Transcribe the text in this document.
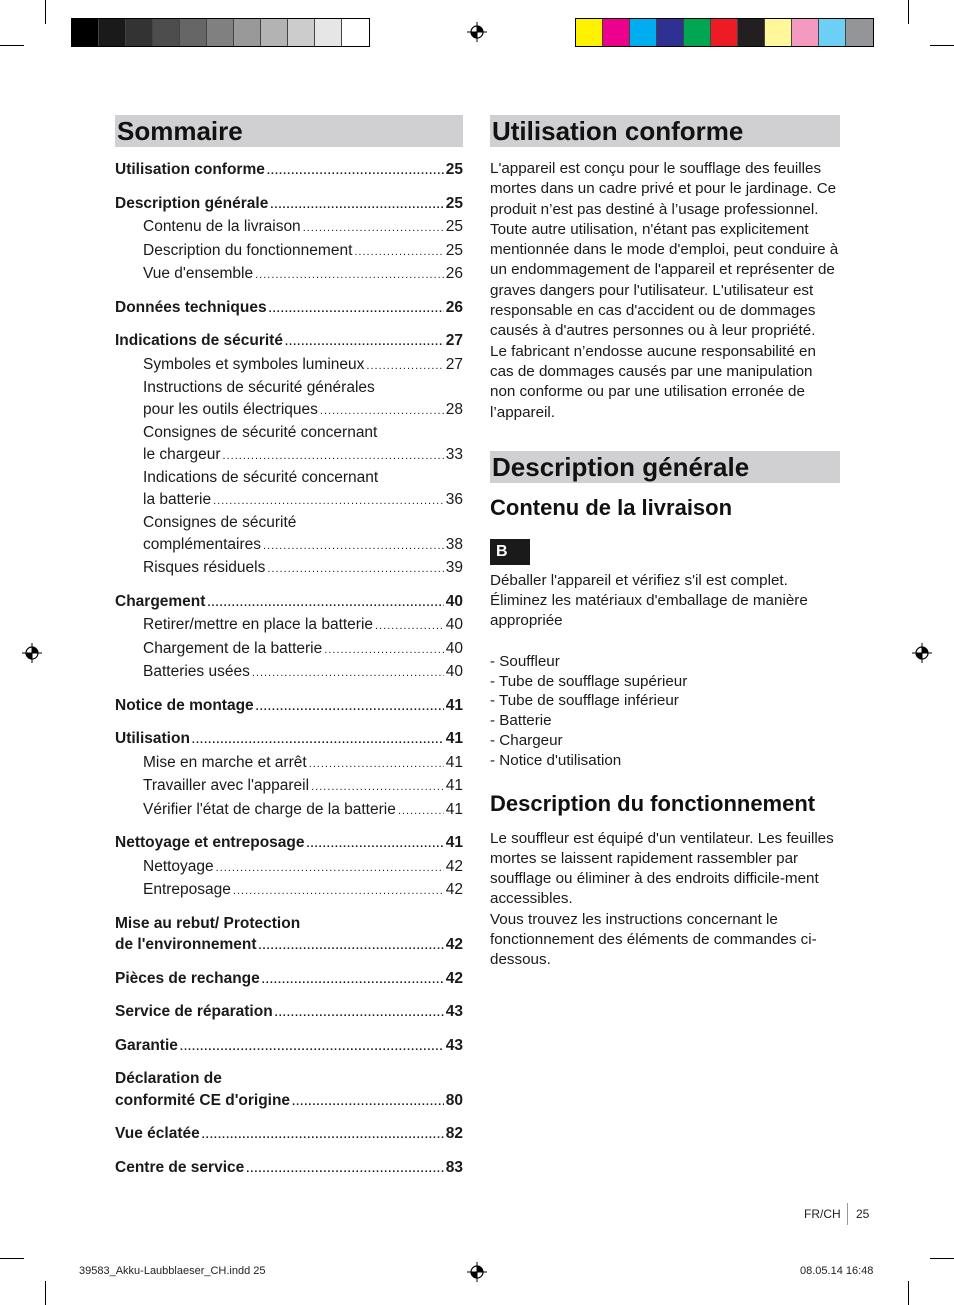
Sommaire
Utilisation conforme .....	25
Description générale .....	25
Contenu de la livraison .....	25
Description du fonctionnement .....	25
Vue d'ensemble .....	26
Données techniques .....	26
Indications de sécurité .....	27
Symboles et symboles lumineux .....	27
Instructions de sécurité générales
pour les outils électriques .....	28
Consignes de sécurité concernant
le chargeur .....	33
Indications de sécurité concernant
la batterie .....	36
Consignes de sécurité
complémentaires .....	38
Risques résiduels .....	39
Chargement .....	40
Retirer/mettre en place la batterie .....	40
Chargement de la batterie .....	40
Batteries usées .....	40
Notice de montage .....	41
Utilisation .....	41
Mise en marche et arrêt .....	41
Travailler avec l'appareil .....	41
Vérifier l'état de charge de la batterie .....	41
Nettoyage et entreposage .....	41
Nettoyage .....	42
Entreposage .....	42
Mise au rebut/ Protection
de l'environnement .....	42
Pièces de rechange .....	42
Service de réparation .....	43
Garantie .....	43
Déclaration de
conformité CE d'origine .....	80
Vue éclatée .....	82
Centre de service .....	83
Utilisation conforme

L'appareil est conçu pour le soufflage des feuilles mortes dans un cadre privé et pour le jardinage. Ce produit n’est pas destiné à l’usage professionnel. Toute autre utilisation, n'étant pas explicitement mentionnée dans le mode d'emploi, peut conduire à un endommagement de l'appareil et représenter de graves dangers pour l'utilisateur. L'utilisateur est responsable en cas d'accident ou de dommages causés à d'autres personnes ou à leur propriété.

Le fabricant n’endosse aucune responsabilité en cas de dommages causés par une manipulation non conforme ou par une utilisation erronée de l’appareil.

Description générale
Contenu de la livraison
B

Déballer l'appareil et vérifiez s'il est complet. Éliminez les matériaux d'emballage de manière appropriée

- Souffleur
- Tube de soufflage supérieur
- Tube de soufflage inférieur
- Batterie
- Chargeur
- Notice d'utilisation
Description du fonctionnement

Le souffleur est équipé d'un ventilateur. Les feuilles mortes se laissent rapidement rassembler par soufflage ou éliminer à des endroits difficile-ment accessibles.

Vous trouvez les instructions concernant le fonctionnement des éléments de commandes ci-dessous.

FR/CH 25
39583_Akku-Laubblaeser_CH.indd 25	08.05.14 16:48
